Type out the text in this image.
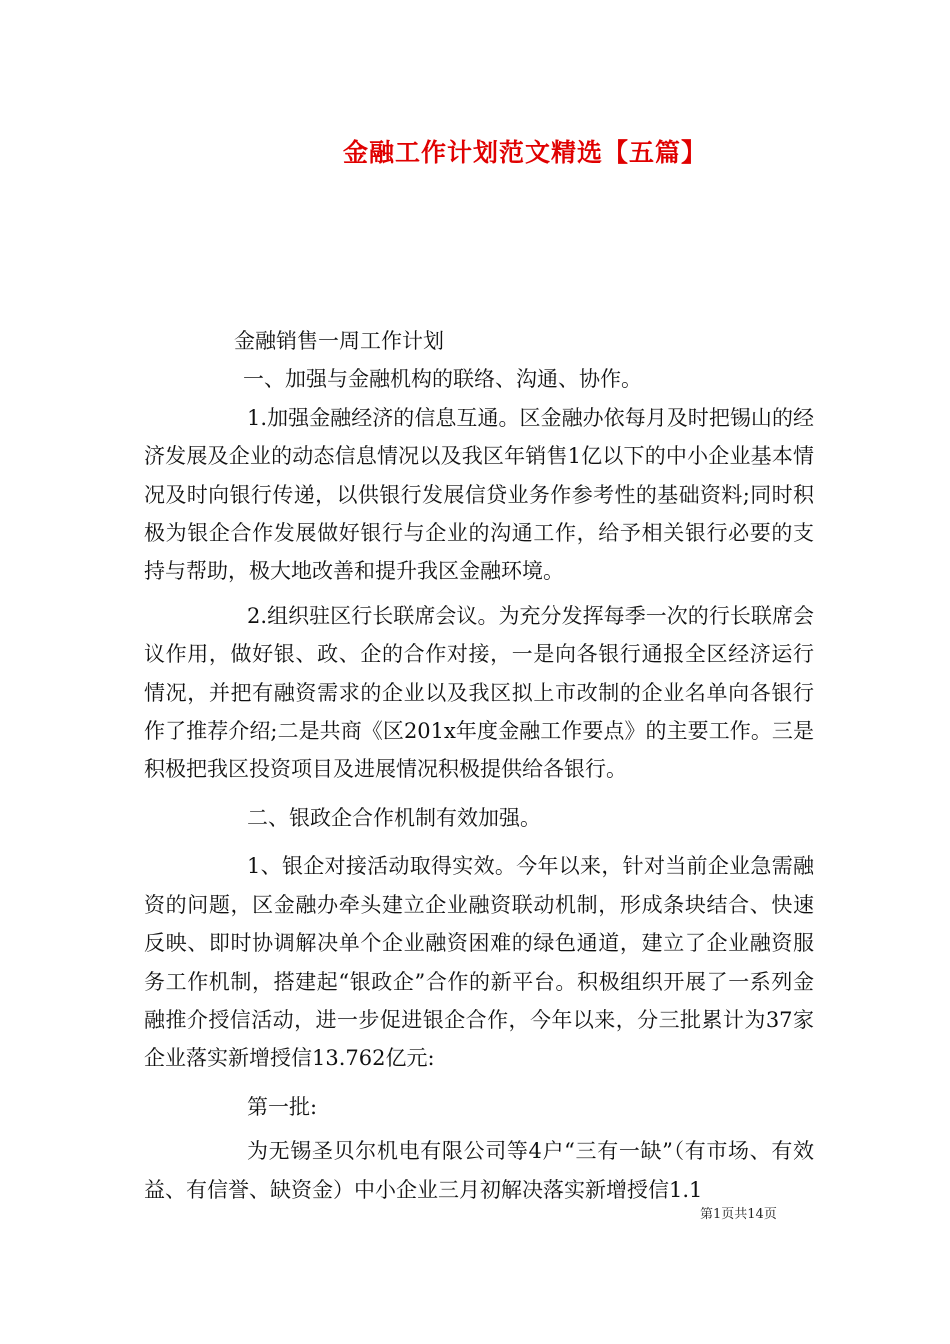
金融工作计划范文精选【五篇】

金融销售一周工作计划

一、加强与金融机构的联络、沟通、协作。

1.加强金融经济的信息互通。区金融办依每月及时把锡山的经济发展及企业的动态信息情况以及我区年销售1亿以下的中小企业基本情况及时向银行传递，以供银行发展信贷业务作参考性的基础资料;同时积极为银企合作发展做好银行与企业的沟通工作，给予相关银行必要的支持与帮助，极大地改善和提升我区金融环境。

2.组织驻区行长联席会议。为充分发挥每季一次的行长联席会议作用，做好银、政、企的合作对接，一是向各银行通报全区经济运行情况，并把有融资需求的企业以及我区拟上市改制的企业名单向各银行作了推荐介绍;二是共商《区201x年度金融工作要点》的主要工作。三是积极把我区投资项目及进展情况积极提供给各银行。

二、银政企合作机制有效加强。

1、银企对接活动取得实效。今年以来，针对当前企业急需融资的问题，区金融办牵头建立企业融资联动机制，形成条块结合、快速反映、即时协调解决单个企业融资困难的绿色通道，建立了企业融资服务工作机制，搭建起“银政企”合作的新平台。积极组织开展了一系列金融推介授信活动，进一步促进银企合作，今年以来，分三批累计为37家企业落实新增授信13.762亿元:

第一批:

为无锡圣贝尔机电有限公司等4户“三有一缺”（有市场、有效益、有信誉、缺资金）中小企业三月初解决落实新增授信1.1

第1页共14页
